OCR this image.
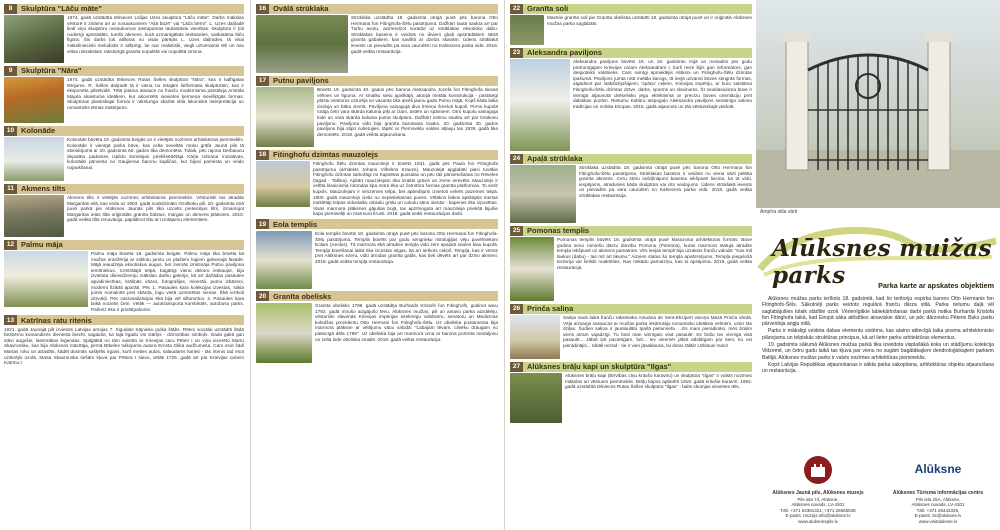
8	Skulptūra "Lāču māte"
1974. gadā uzstādīta tēlnieces Lūlijas Uzes skulptūra "Lāču māte". Darbs mākslas vēsturē ir zināms arī ar nosaukumiem "Aiļā būzē" vai "Lāča bērni". L. Uzes daiļradē liedi viņu skulptūru nosaukumos sastopamas tautastāstu vienības. Skulptūra ir ļoti noderīgi apstrādāts, tumšs akmens, kurā uzmanīgākās ieskatoties, saskatāma lāču figūra. Šis darbs ļoti atšķiras no visas pārējās L. Uzes daiļrades, tā visai mākslinieciski melodisks ir atšķirīgi, tie nav realistiski, viegli uztveramie tēli un nav vēlas rokrakstam raksturīgā granīta nopulētā vai nopulētā virsma.
9	Skulptūra "Nāra"
1974. gadā uzstādīta tēlnieces Rutas Šelles skulptūra "Nāra", kas ir kalfīgalas tēlojums. R. Šelles daiļradē tā ir viena no retajām lielformāta skulptūrām, kas ir eksponēta pilsētvidē. Tēlā jūtama atsauce no franču modernisma pārstāvja Aristīda Majola skaistuma ideāliem, kur akcentēts sievietes ķermeņa sievišķīgās formas. Skulptūras plastiskajai formai ir raksturīga skarbā stila lakoniskā interpretācija un romantisks tēmas traktējums.
10 Kolonāde
Kolonāde būvēta 19. gadsimta beigās un ir vietējās nozīmes arhitektūras piemineklis. Kolonāde ir vienīgā parka būve, kas celta neveltās mūsu grāfa Jaunā pils tā atveidojumā ar 20. gadsimta 60. gados tika demontēta. Tolaik, pēc rajona Derbaiucu deputātu padomes izpildu komitejas priekšsēdētāja Kārļa Ulmaņa iniciatīvas, kolonāde pārvesta no Gaujienas baronu kapličas, kur bijusi pamesta un veido nojaukšanai.
11 Akmens tilts
Akmens tilts ir vietējās nozīmes arhitektūras piemineklis. Vēsturiski tas atradās Margaritas ielā, kas vedu uz 1903. gadā nodedzināto Ozolkoku pili. 20. gadsimta otrā pusē parkā pie Alūksnes Jaunās pils tika uzcelts pieteicējus tilts, izmantojot Margaritas ielas tilta oriģinālās granīta balstus, margas un akmens plāksnes. 2010. gadā veikta tilta renovācija, papildinot tiltu ar izrotājumu elementiem.
12 Palmu māja
Palmu māja būvēta 18. gadsimta beigās. Palmu māja tika būvēta kā muižas oranžērija ar stiklotu jumtu un plašiem logiem galvenajā fasādē. Mājā ieaudzēja eksotiskus augus, bet ziemās izmitināja Putnu paviljona iemītniekus. Centrālajā telpā, bagātīgi vienu dekoru ieskaujot, bija izvietota dienvidzemju mākslas darbu galerija, kā arī dažādas pasaules apvidiniecības, krāšņās vāzes, fotografijas, minerāli, putnu izbāzeņi, moderni fizikāli aparāti. Pēc 1. Pasaules kara kolekcijas izvestas, stikla jumts nomainīts pret skārda, logu vietā uzmūrētas sienas. Ēkā ierīkoti dzīvokļi. Pēc nacionalizācijas ēkā bija vēl siltumnīca. 2. Pasaules kara laikā nocietis četri. Vēlāk — autotransporta kombināts, autobusu parks. Pašreiz ēka ir privātīpašums.
13 Katrīnas ratu ritenis
1921. gadā Jaunajā pilī izvietots Latvijas armijas 7. Siguldas Kājnieku pulka štābs. Rīteni sociālai uzstādīti šādā bezbērnu komandieris dienesta biezīti, sagaidot, ka tajā līgadu vīs stārķis - dzimstības simbols. Gadu gaitā gan stāvi augošie, latvīmākas leģendas. Spilgtākā no tām saistīta ar Krievijas caru Pēteri I un viņa iecerēto Martu Skavronsku, kas bija Alūksnes mācītāja, pirmā Bībeles tulkojuma autora Ernsta Glika audžumeita. Cars esot šādi Martas roku un atraidīts, kādēļ dusmās sašķēlis irgaini, kurš meties aulos, salaudams karieti - tās ritenis tad esot uzskrējis ozolā. Marta Skavronska tiešām kļuva par Pētera I sievu, vēlāk 1725. gadā arī par Krievijas cariem Katrīnu I.
16 Ovālā strūklaka
Strūklaka uzstādīta 18. gadsimta otrajā pusē pēc barona Otto Hermaņa fon Fitinghofa-Šēlu pasūtījuma. Dažkārt tautā saukta arī par Turku avotu, acimredzot norādot uz strūklakas eksotisko dabu. Strūklakas baseins ir veidots no diviem gludi apstrādātiem sārtā granīta gabaliem, kas savilkti ar dzelzs skavām. Ūdens strūklakā ievests un pievadīts pa vara caurulēm no Kalnezera parka vidū. 2018. gadā veikta restaurācija.
17 Putnu paviljons
Būvēts 19. gadsimta 40. gados pēc barona Aleksandra Jozefa fon Fitinghofa sievas vēlmes un līguma. Ar smalku sietu apvilkājā, atūnijā metāla konstrukcijā - pastāvīgi plūstu viesturos uzturēja un vasarās tika atvēli jaunu gadu Putnu mājā. Kopš kāda laika ziedoja un bāka ziemā. Paviljona vainagojā divu līmeņu šmeloti kupoli. Pirms kupolā rotāja četri vara skārda kaluma pīķi ar izam, astēm un spārniem. Otro kupolu vainagoja lode un vara skārda kaluma putna skulptūra. Dažkārt cetimu sauktu arī par Drakonu paviljonu. Paviljona vidū bija granīta barotavas trauks. 20. gadsimta 30. gados paviljons bija stipri nolietojies, tāpēc ar Pieminekļu valdes atļauju tas 1939. gadā tika demontēts. 2018. gadā veikta atjaunošana.
18 Fitinghofu dzimtas mauzolejs
Fitinghofu Šēlu dzimtas mauzolejs ir būvēts 1831. gadā pēc Paula fon Fitinghofa pasūtījuma (arhitekts Johans Vilhelms Krauze). Mauzolejā apglabāti pieci tuvākie Fitinghofu dzimtas sarkofāgi no Kapsētas pussalas un pēc tās pārvietošanas no Rēveles (tagad - Tallina). Apkārt mauzolejam tika izrakts grāvis un zeme ierevēla. Mauzolejs ir veltīta klasicisma rotondas tipa mūra ēka uz četrstūra formas granīta platformas. To sedz kupols. Mauzolejam ir virszemes telpa, bet apbedījumi izvietoti velvēs pazemes telpā. 1900. gadā mauzolejs cietis no nepietiekamas puses. Vēlākos laikos apskāptis mertas meklētāji telpas viduslaiku ulzaulu grīdu un cokolu sānu sienās - kapenes tika izpostītas. Visas marmora plāksnes gājušas bojā, tas apzīmogota arī mauzoleja priekšā bijušie kapu pieminekļi un marmora krusti. 2018. gadā veikti restaurācijas darbi.
19 Eola templis
Eola templis būvēts 18. gadsimta otrajā pusē pēc barona Otto Hermaņa fon Fitinghofa-Šēlu pasūtījuma. Templis būvēts par godu sengrieķu mitoloģijas vēju pavēlniekam Eolam (Aeolus). Tā marmora ēkā atradies tempļa vidū zem apaļotā saules klau kupolā. Tempļa būvēšanai laikā tika izcirstas stigas, kā arī ierīkots celiņš. Tempļa, kas ir vērsts pret Alūksnes ezeru, vidū atrodas granīta galds, kas tiek dēvēts arī par dzīvo akmeni. 2018. gadā veikta tempļa restaurācija.
20 Granīta obelisks
Granīta obelisks 1799. gadā uzstādīja Burhards Kristofs fon Fitinghofs, godinot savu 1792. gadā mirušo aizgājušo tēvu, Alūksnes muižas, pili un ainavu parka aizsākēju, vēsturiski slavenās Krievijas impērijas ietekmīgu valstsvīru, senatoru un Medicīnas koledžas prezidentu Otto Hermani fon Fitinghofu-Šēlu. Uz obeliska postamenta bija marmora plāksne ar vēltījumu vācu valodā: "Labajam tēvam, cilvēku draugam no pateicīgā dēla 1799". Uz obeliska bija arī marmora urna ar barona portreta medaljonu un zelta lode obeliska smailē. 2018. gadā veikta restaurācija.
22 Granīta soli
Masīvie granīta soli pie Granīta obeliska uzstādīti 18. gadsimta otrajā pusē un ir oriģināls Alūksnes muižas parka saglabāts.
23 Aleksandra paviljons
Aleksandra paviljons būvēts 18. un 19. gadsimtu mijā un nosaukts par godu pretrunīgajam Krievijas caram Aleksandram I, kurš reize bijis gan reformators, gan despotisks valdnieks. Cars svinīgi apmeklējis Alūksni un Fitinghofu-Šēlu dzimtas īpašumā. Paviljons jumta rotā metāla karogs, tā ieejā uzvaroti būves stingrās formas, atgādinot par stabilizējošajiem, 'spāņu' ceļiem, Krievijas impēriju, ar kuru saistāma Fitinghofu-Šēlu dzimtas dzīve, darbs, sporms un slavinums. Šī neoklasicisma būve ir vienīgā atjaunotā dvēselisko jēgu eklektismā ar precīzu būves orientāciju pret dabiskas pozām. Rietumu Kultūru atspoguļo Aleksandra paviljons senatnīgo salonu tradīcijas un nolūka Eiropas. 2015. gadā atjaunots un tās vēsturiskajā veidolā.
24 Apaļā strūklaka
Strūklaka uzstādīta 18. gadsimta otrajā pusē pēc barona Otto Hermaņa fon Fitinghofa-Šēlu pasūtījuma. Strūklakas baseins ir veidots no viena sārti pelēka granīta akmens. Ceru stūru iedziļinājumi baseina iekšpusē liecina, ka tā vidū, iespējams, atradusies kāda skulptūra vai cits veidojums. Ūdens strūklakā ievests un pievadīts pa vara caurulēm no Kalnezera parka vidū. 2018. gadā veikta strūklakas restaurācija.
25 Pomonas templis
Pomonas templis būvēts 18. gadsimta otrajā pusē klasicisma arhitektūras formās. Būve godina seno romiešu dārzu dievību Pomonu (Pōmōna), kuras marmora statuja atradās tempļa iekšpusē uz akmens pamatnes. Virs ieejas templī bija uzraksts franču valodā: "Kas mīl laukus (dabu) - tas mīl arī tikumu." Aizvien status šo tempļa apvārsnījums. Tempļa piegulošā teritorija var lieliski noaktēties. Nav nekādu pamatziņu, kas to apstiprina. 2018. gadā veikta restaurācija.
26 Prinča saliņa
Saliņa savā laikā franču rakstnieka Antuāna de Sent-Ekziperī varoņa Mazā Prinča vārdā. Vēja aizsargs sasaucas ar muižas parka iekārtotāju romantisko ideālistu vēlmēm, uzter tās dziļas. Šodien saliņa ir jaunlaulāto īpašā pieturvieta. ...Es mani pieradināsi, mēs būsim viens otram vajadzīgi. Tu būsi man vienīgais visā pasaulē. Es būšu tev vienīgā visā pasaulē... Jābūt ļoti pacietīgam, bet... tev vienmēr jābūt atbildīgam par tiem, ko esi pieradinājis... Ideāli nezūd - tie ir vien jāsaklausa, lai dotos tālāk! Uzklausi mani!
27 Alūksnes brāļu kapi un skulptūra "Ilgas"
Alūksnes brāļu kapi (Brīvības cīņu kritušo karavīru) un skulptūra "Ilgas" ir valsts nozīmes mākslas un vēstures piemineklis. Brāļu kapos apbedīti 1919. gadā kritušie karavīri. 1992. gadā uzstādīta tēlnieces Rutas Šelles skulptūra "Ilgas" - balts skumjas sievietes tēls.
Ampīra stila vārti
Alūksnes muižas parks	Parka karte ar apskates objektiem

Alūksnes muižas parks ierīkots 18. gadsimtā, kad šo teritoriju nopirka barons Otto Hermanis fon Fitinghofs-Šēls. Sākotnēji parks veidots regulārā franču dārza stilā. Parka rietumu daļā vēl saglabājušies tolaik stādītie ozoli. Vērienīgākie labiekārtošanas darbi parkā notika Burharda Kristofa fon Fitinghofa laikā, kad Eiropā sāka attīstīties ainaviskie dārzi, un pēc dārznieku Pēteris Buks parku pārveidoja angļu stilā.

Parks ir māksligi veidota dabas elementu sistēma, kas ataino attiecīgā laika posma arhitektonisko plānojumu un telpiskās struktūras principus, kā arī lieter parku arhitektūras elementus.

19. gadsimta sākumā Alūksnes muižas parkā tika izveidota visplašākā koku un stādījumu kolekcija Vidzemē, un četru gadu laikā tas kļuva par vienu no sugām bagātākajiem dendroloģiskajiem parkiem Baltijā. Alūksnes muižas parks ir valsts nozīmes arhitektūras piemineklis.

Kopš Latvijas Republikas atjaunošanas ir sākta parka sakopšana, arhitektūras objektu atjaunošana un restaurācija.

Alūksnes Jaunā pils, Alūksnes muzejs
Pils iela 74, Alūksne,
Alūksnes novads, LV-4301
Tālr. +371 64381321; +371 25665538
E-pasts: muzejs.info@aluksne.lv
www.aluksnespils.lv
Alūksne
Alūksnes Tūrisma informācijas centrs
Pils iela 25A, Alūksne,
Alūksnes novads, LV-4301
Tālr. +371 25442335,
E-pasts: tic@aluksne.lv
www.visitaluksne.lv
